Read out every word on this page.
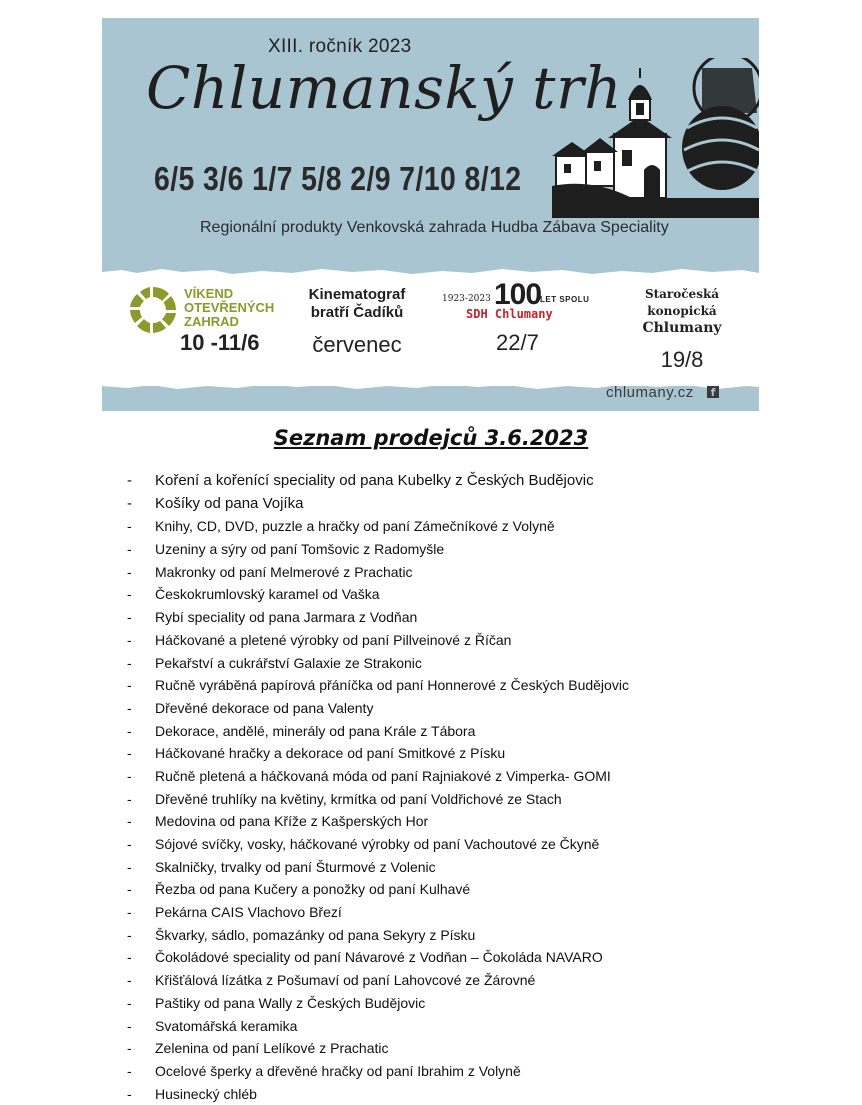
XIII. ročník 2023
Chlumanský trh
6/5 3/6 1/7 5/8 2/9 7/10 8/12
Regionální produkty Venkovská zahrada Hudba Zábava Speciality
VÍKEND OTEVŘENÝCH ZAHRAD
10 -11/6
Kinematograf
bratří Čadíků
červenec
1923-2023 100
LET SPOLU
SDH Chlumany
22/7
Staročeská konopická
Chlumany
19/8
chlumany.cz	f
Seznam prodejců 3.6.2023
- Koření a kořenící speciality od pana Kubelky z Českých Budějovic
- Košíky od pana Vojíka
- Knihy, CD, DVD, puzzle a hračky od paní Zámečníkové z Volyně
- Uzeniny a sýry od paní Tomšovic z Radomyšle
- Makronky od paní Melmerové z Prachatic
- Českokrumlovský karamel od Vaška
- Rybí speciality od pana Jarmara z Vodňan
- Háčkované a pletené výrobky od paní Pillveinové z Říčan
- Pekařství a cukrářství Galaxie ze Strakonic
- Ručně vyráběná papírová přáníčka od paní Honnerové z Českých Budějovic
- Dřevěné dekorace od pana Valenty
- Dekorace, andělé, minerály od pana Krále z Tábora
- Háčkované hračky a dekorace od paní Smitkové z Písku
- Ručně pletená a háčkovaná móda od paní Rajniakové z Vimperka- GOMI
- Dřevěné truhlíky na květiny, krmítka od paní Voldřichové ze Stach
- Medovina od pana Kříže z Kašperských Hor
- Sójové svíčky, vosky, háčkované výrobky od paní Vachoutové ze Čkyně
- Skalničky, trvalky od paní Šturmové z Volenic
- Řezba od pana Kučery a ponožky od paní Kulhavé
- Pekárna CAIS Vlachovo Březí
- Škvarky, sádlo, pomazánky od pana Sekyry z Písku
- Čokoládové speciality od paní Návarové z Vodňan – Čokoláda NAVARO
- Křišťálová lízátka z Pošumaví od paní Lahovcové ze Žárovné
- Paštiky od pana Wally z Českých Budějovic
- Svatomářská keramika
- Zelenina od paní Lelíkové z Prachatic
- Ocelové šperky a dřevěné hračky od paní Ibrahim z Volyně
- Husinecký chléb
